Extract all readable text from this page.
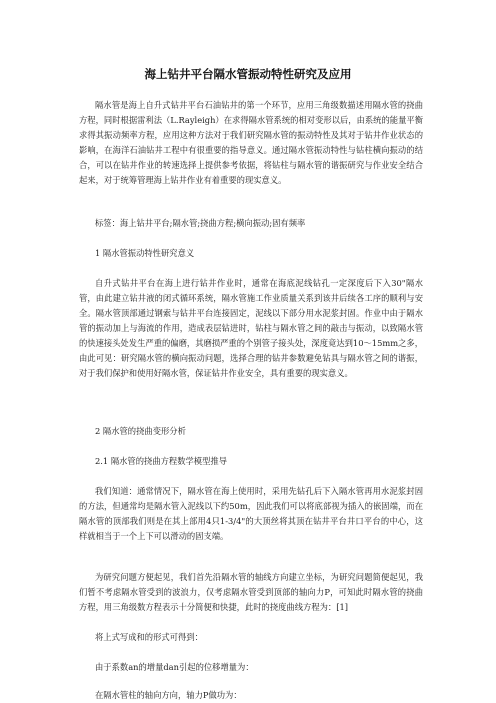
海上钻井平台隔水管振动特性研究及应用

隔水管是海上自升式钻井平台石油钻井的第一个环节，应用三角级数描述用隔水管的挠曲方程，同时根据雷利法（L.Rayleigh）在求得隔水管系统的相对变形以后，由系统的能量平衡求得其振动频率方程，应用这种方法对于我们研究隔水管的振动特性及其对于钻井作业状态的影响，在海洋石油钻井工程中有很重要的指导意义。通过隔水管振动特性与钻柱横向振动的结合，可以在钻井作业的转速选择上提供参考依据，将钻柱与隔水管的谐振研究与作业安全结合起来，对于统筹管理海上钻井作业有着重要的现实意义。

标签：海上钻井平台;隔水管;挠曲方程;横向振动;固有频率

1 隔水管振动特性研究意义

自升式钻井平台在海上进行钻井作业时，通常在海底泥线钻孔一定深度后下入30"隔水管，由此建立钻井液的闭式循环系统，隔水管施工作业质量关系到该井后续各工序的顺利与安全。隔水管顶部通过钢索与钻井平台连接固定，泥线以下部分用水泥浆封固。作业中由于隔水管的振动加上与海流的作用，造成表层钻进时，钻柱与隔水管之间的敲击与振动，以致隔水管的快速接头处发生严重的偏磨，其磨损严重的个别管子接头处，深度竟达到10～15mm之多，由此可见：研究隔水管的横向振动问题，选择合理的钻井参数避免钻具与隔水管之间的谐振，对于我们保护和使用好隔水管，保证钻井作业安全，具有重要的现实意义。

2 隔水管的挠曲变形分析

2.1 隔水管的挠曲方程数学模型推导

我们知道：通常情况下，隔水管在海上使用时，采用先钻孔后下入隔水管再用水泥浆封固的方法，但通常均是隔水管入泥线以下约50m，因此我们可以将底部视为插入的嵌固端，而在隔水管的顶部我们则是在其上部用4只1-3/4"的大顶丝将其顶在钻井平台井口平台的中心，这样就相当于一个上下可以滑动的固支端。

为研究问题方便起见，我们首先沿隔水管的轴线方向建立坐标，为研究问题简便起见，我们暂不考虑隔水管受到的波浪力，仅考虑隔水管受到顶部的轴向力P，可知此时隔水管的挠曲方程，用三角级数方程表示十分简便和快捷，此时的挠度曲线方程为：[1]

将上式写成和的形式可得到：

由于系数an的增量dan引起的位移增量为：

在隔水管柱的轴向方向，轴力P做功为：
